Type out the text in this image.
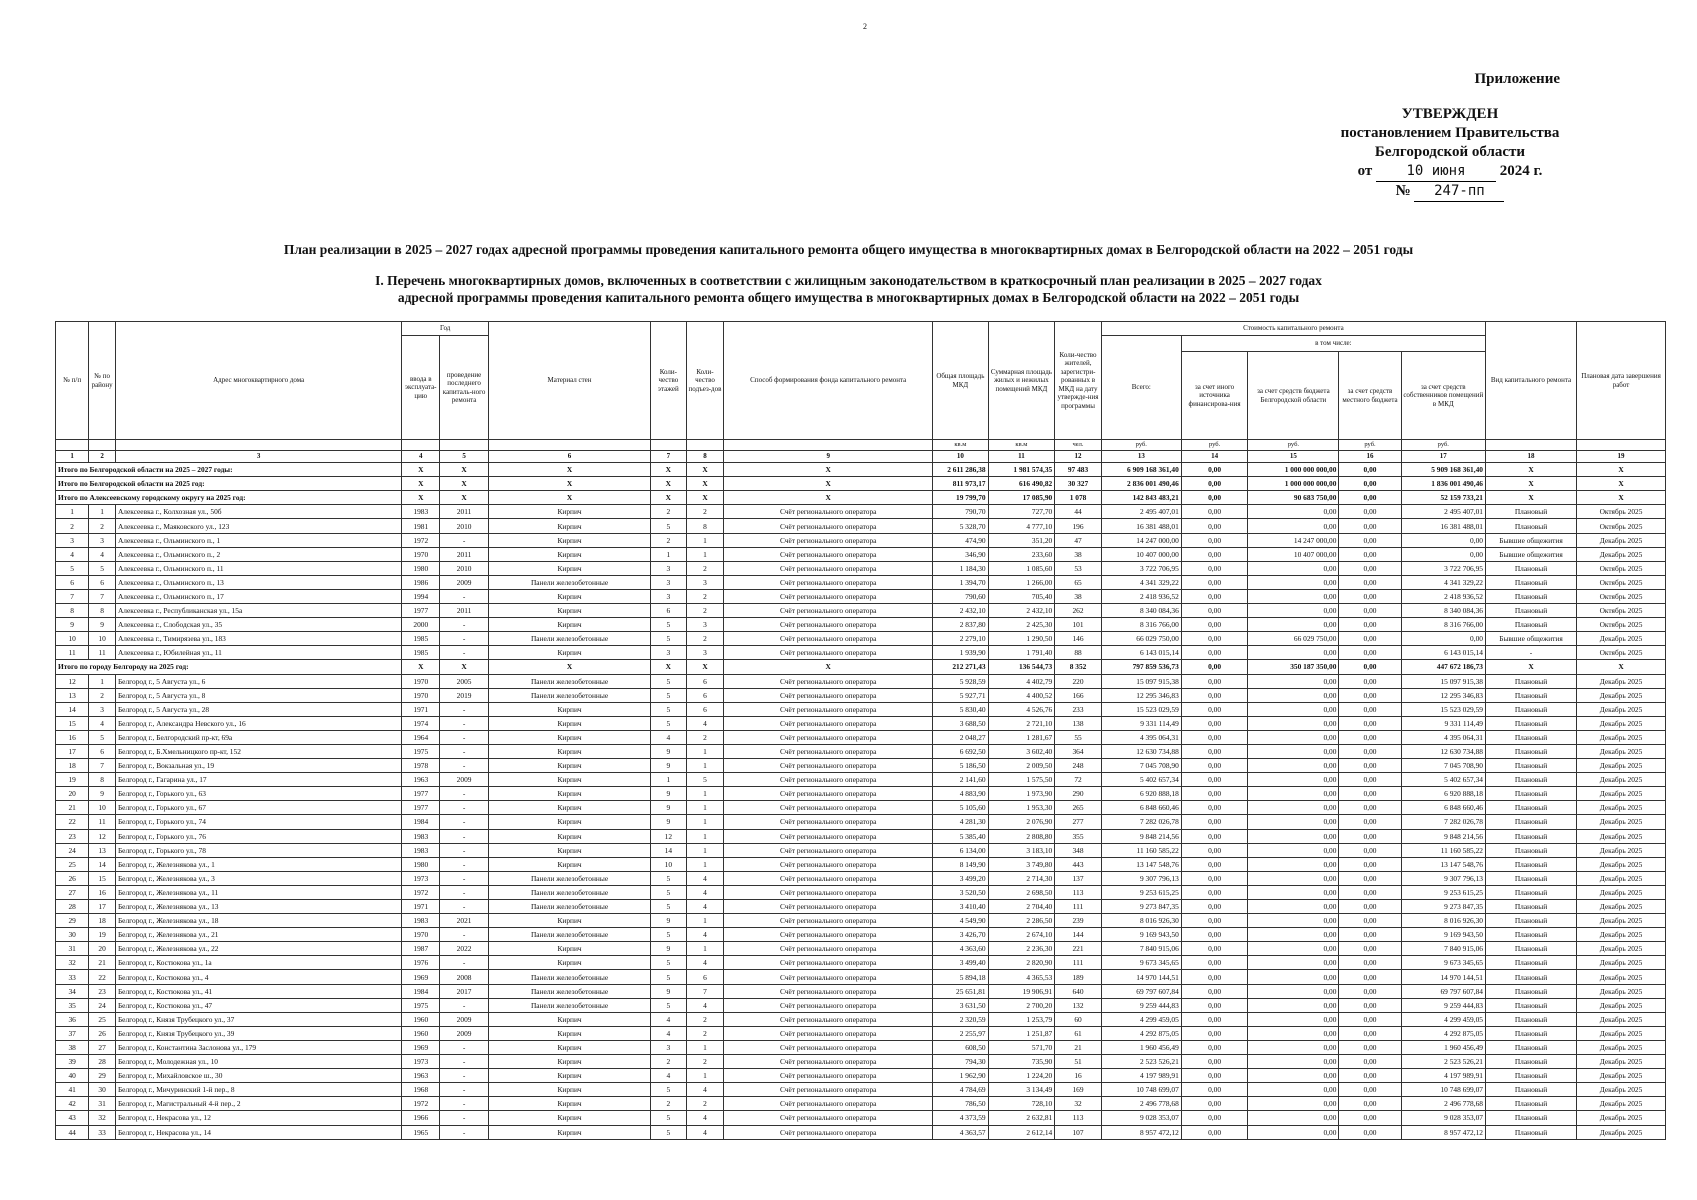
2
Приложение
УТВЕРЖДЕН
постановлением Правительства
Белгородской области
от 10 июня 2024 г.
№ 247-пп
План реализации в 2025 – 2027 годах адресной программы проведения капитального ремонта общего имущества в многоквартирных домах в Белгородской области на 2022 – 2051 годы
I. Перечень многоквартирных домов, включенных в соответствии с жилищным законодательством в краткосрочный план реализации в 2025 – 2027 годах
адресной программы проведения капитального ремонта общего имущества в многоквартирных домах в Белгородской области на 2022 – 2051 годы
№ п/п	№ по району	Адрес многоквартирного дома	Год		Материал стен	Коли-чество этажей	Коли-чество подъез-дов	Способ формирования фонда капитального ремонта	Общая площадь МКД	Суммарная площадь жилых и нежилых помещений МКД	Коли-чество жителей, зарегистри-рованных в МКД на дату утвержде-ния программы	Стоимость капитального ремонта					Вид капитального ремонта	Плановая дата завершения работ
			ввода в эксплуата-цию	проведение последнего капиталь-ного ремонта								Всего:	в том числе:					
													за счет иного источника финансирова-ния	за счет средств бюджета Белгородской области	за счет средств местного бюджета	за счет средств собственников помещений в МКД		
									кв.м	кв.м	чел.	руб.	руб.	руб.	руб.	руб.		
1	2	3	4	5	6	7	8	9	10	11	12	13	14	15	16	17	18	19
Итого по Белгородской области на 2025 – 2027 годы:			X	X	X	X	X	X	2 611 286,38	1 981 574,35	97 483	6 909 168 361,40	0,00	1 000 000 000,00	0,00	5 909 168 361,40	X	X
Итого по Белгородской области на 2025 год:			X	X	X	X	X	X	811 973,17	616 490,82	30 327	2 836 001 490,46	0,00	1 000 000 000,00	0,00	1 836 001 490,46	X	X
Итого по Алексеевскому городскому округу на 2025 год:			X	X	X	X	X	X	19 799,70	17 085,90	1 078	142 843 483,21	0,00	90 683 750,00	0,00	52 159 733,21	X	X
1	1	Алексеевка г., Колхозная ул., 50б	1983	2011	Кирпич	2	2	Счёт регионального оператора	790,70	727,70	44	2 495 407,01	0,00	0,00	0,00	2 495 407,01	Плановый	Октябрь 2025
2	2	Алексеевка г., Маяковского ул., 123	1981	2010	Кирпич	5	8	Счёт регионального оператора	5 328,70	4 777,10	196	16 381 488,01	0,00	0,00	0,00	16 381 488,01	Плановый	Октябрь 2025
3	3	Алексеевка г., Ольминского п., 1	1972	-	Кирпич	2	1	Счёт регионального оператора	474,90	351,20	47	14 247 000,00	0,00	14 247 000,00	0,00	0,00	Бывшие общежития	Декабрь 2025
4	4	Алексеевка г., Ольминского п., 2	1970	2011	Кирпич	1	1	Счёт регионального оператора	346,90	233,60	38	10 407 000,00	0,00	10 407 000,00	0,00	0,00	Бывшие общежития	Декабрь 2025
5	5	Алексеевка г., Ольминского п., 11	1980	2010	Кирпич	3	2	Счёт регионального оператора	1 184,30	1 085,60	53	3 722 706,95	0,00	0,00	0,00	3 722 706,95	Плановый	Октябрь 2025
6	6	Алексеевка г., Ольминского п., 13	1986	2009	Панели железобетонные	3	3	Счёт регионального оператора	1 394,70	1 266,00	65	4 341 329,22	0,00	0,00	0,00	4 341 329,22	Плановый	Октябрь 2025
7	7	Алексеевка г., Ольминского п., 17	1994	-	Кирпич	3	2	Счёт регионального оператора	790,60	705,40	38	2 418 936,52	0,00	0,00	0,00	2 418 936,52	Плановый	Октябрь 2025
8	8	Алексеевка г., Республиканская ул., 15а	1977	2011	Кирпич	6	2	Счёт регионального оператора	2 432,10	2 432,10	262	8 340 084,36	0,00	0,00	0,00	8 340 084,36	Плановый	Октябрь 2025
9	9	Алексеевка г., Слободская ул., 35	2000	-	Кирпич	5	3	Счёт регионального оператора	2 837,80	2 425,30	101	8 316 766,00	0,00	0,00	0,00	8 316 766,00	Плановый	Октябрь 2025
10	10	Алексеевка г., Тимирязева ул., 183	1985	-	Панели железобетонные	5	2	Счёт регионального оператора	2 279,10	1 290,50	146	66 029 750,00	0,00	66 029 750,00	0,00	0,00	Бывшие общежития	Декабрь 2025
11	11	Алексеевка г., Юбилейная ул., 11	1985	-	Кирпич	3	3	Счёт регионального оператора	1 939,90	1 791,40	88	6 143 015,14	0,00	0,00	0,00	6 143 015,14	-	Октябрь 2025
Итого по городу Белгороду на 2025 год:			X	X	X	X	X	X	212 271,43	136 544,73	8 352	797 859 536,73	0,00	350 187 350,00	0,00	447 672 186,73	X	X
12	1	Белгород г., 5 Августа ул., 6	1970	2005	Панели железобетонные	5	6	Счёт регионального оператора	5 928,59	4 402,79	220	15 097 915,38	0,00	0,00	0,00	15 097 915,38	Плановый	Декабрь 2025
13	2	Белгород г., 5 Августа ул., 8	1970	2019	Панели железобетонные	5	6	Счёт регионального оператора	5 927,71	4 400,52	166	12 295 346,83	0,00	0,00	0,00	12 295 346,83	Плановый	Декабрь 2025
14	3	Белгород г., 5 Августа ул., 28	1971	-	Кирпич	5	6	Счёт регионального оператора	5 830,40	4 526,76	233	15 523 029,59	0,00	0,00	0,00	15 523 029,59	Плановый	Декабрь 2025
15	4	Белгород г., Александра Невского ул., 16	1974	-	Кирпич	5	4	Счёт регионального оператора	3 688,50	2 721,10	138	9 331 114,49	0,00	0,00	0,00	9 331 114,49	Плановый	Декабрь 2025
16	5	Белгород г., Белгородский пр-кт, 69а	1964	-	Кирпич	4	2	Счёт регионального оператора	2 048,27	1 281,67	55	4 395 064,31	0,00	0,00	0,00	4 395 064,31	Плановый	Декабрь 2025
17	6	Белгород г., Б.Хмельницкого пр-кт, 152	1975	-	Кирпич	9	1	Счёт регионального оператора	6 692,50	3 602,40	364	12 630 734,88	0,00	0,00	0,00	12 630 734,88	Плановый	Декабрь 2025
18	7	Белгород г., Вокзальная ул., 19	1978	-	Кирпич	9	1	Счёт регионального оператора	5 186,50	2 009,50	248	7 045 708,90	0,00	0,00	0,00	7 045 708,90	Плановый	Декабрь 2025
19	8	Белгород г., Гагарина ул., 17	1963	2009	Кирпич	1	5	Счёт регионального оператора	2 141,60	1 575,50	72	5 402 657,34	0,00	0,00	0,00	5 402 657,34	Плановый	Декабрь 2025
20	9	Белгород г., Горького ул., 63	1977	-	Кирпич	9	1	Счёт регионального оператора	4 883,90	1 973,90	290	6 920 888,18	0,00	0,00	0,00	6 920 888,18	Плановый	Декабрь 2025
21	10	Белгород г., Горького ул., 67	1977	-	Кирпич	9	1	Счёт регионального оператора	5 105,60	1 953,30	265	6 848 660,46	0,00	0,00	0,00	6 848 660,46	Плановый	Декабрь 2025
22	11	Белгород г., Горького ул., 74	1984	-	Кирпич	9	1	Счёт регионального оператора	4 281,30	2 076,90	277	7 282 026,78	0,00	0,00	0,00	7 282 026,78	Плановый	Декабрь 2025
23	12	Белгород г., Горького ул., 76	1983	-	Кирпич	12	1	Счёт регионального оператора	5 385,40	2 808,80	355	9 848 214,56	0,00	0,00	0,00	9 848 214,56	Плановый	Декабрь 2025
24	13	Белгород г., Горького ул., 78	1983	-	Кирпич	14	1	Счёт регионального оператора	6 134,00	3 183,10	348	11 160 585,22	0,00	0,00	0,00	11 160 585,22	Плановый	Декабрь 2025
25	14	Белгород г., Железнякова ул., 1	1980	-	Кирпич	10	1	Счёт регионального оператора	8 149,90	3 749,80	443	13 147 548,76	0,00	0,00	0,00	13 147 548,76	Плановый	Декабрь 2025
26	15	Белгород г., Железнякова ул., 3	1973	-	Панели железобетонные	5	4	Счёт регионального оператора	3 499,20	2 714,30	137	9 307 796,13	0,00	0,00	0,00	9 307 796,13	Плановый	Декабрь 2025
27	16	Белгород г., Железнякова ул., 11	1972	-	Панели железобетонные	5	4	Счёт регионального оператора	3 520,50	2 698,50	113	9 253 615,25	0,00	0,00	0,00	9 253 615,25	Плановый	Декабрь 2025
28	17	Белгород г., Железнякова ул., 13	1971	-	Панели железобетонные	5	4	Счёт регионального оператора	3 410,40	2 704,40	111	9 273 847,35	0,00	0,00	0,00	9 273 847,35	Плановый	Декабрь 2025
29	18	Белгород г., Железнякова ул., 18	1983	2021	Кирпич	9	1	Счёт регионального оператора	4 549,90	2 286,50	239	8 016 926,30	0,00	0,00	0,00	8 016 926,30	Плановый	Декабрь 2025
30	19	Белгород г., Железнякова ул., 21	1970	-	Панели железобетонные	5	4	Счёт регионального оператора	3 426,70	2 674,10	144	9 169 943,50	0,00	0,00	0,00	9 169 943,50	Плановый	Декабрь 2025
31	20	Белгород г., Железнякова ул., 22	1987	2022	Кирпич	9	1	Счёт регионального оператора	4 363,60	2 236,30	221	7 840 915,06	0,00	0,00	0,00	7 840 915,06	Плановый	Декабрь 2025
32	21	Белгород г., Костюкова ул., 1а	1976	-	Кирпич	5	4	Счёт регионального оператора	3 499,40	2 820,90	111	9 673 345,65	0,00	0,00	0,00	9 673 345,65	Плановый	Декабрь 2025
33	22	Белгород г., Костюкова ул., 4	1969	2008	Панели железобетонные	5	6	Счёт регионального оператора	5 894,18	4 365,53	189	14 970 144,51	0,00	0,00	0,00	14 970 144,51	Плановый	Декабрь 2025
34	23	Белгород г., Костюкова ул., 41	1984	2017	Панели железобетонные	9	7	Счёт регионального оператора	25 651,81	19 906,91	640	69 797 607,84	0,00	0,00	0,00	69 797 607,84	Плановый	Декабрь 2025
35	24	Белгород г., Костюкова ул., 47	1975	-	Панели железобетонные	5	4	Счёт регионального оператора	3 631,50	2 700,20	132	9 259 444,83	0,00	0,00	0,00	9 259 444,83	Плановый	Декабрь 2025
36	25	Белгород г., Князя Трубецкого ул., 37	1960	2009	Кирпич	4	2	Счёт регионального оператора	2 320,59	1 253,79	60	4 299 459,05	0,00	0,00	0,00	4 299 459,05	Плановый	Декабрь 2025
37	26	Белгород г., Князя Трубецкого ул., 39	1960	2009	Кирпич	4	2	Счёт регионального оператора	2 255,97	1 251,87	61	4 292 875,05	0,00	0,00	0,00	4 292 875,05	Плановый	Декабрь 2025
38	27	Белгород г., Константина Заслонова ул., 179	1969	-	Кирпич	3	1	Счёт регионального оператора	608,50	571,70	21	1 960 456,49	0,00	0,00	0,00	1 960 456,49	Плановый	Декабрь 2025
39	28	Белгород г., Молодежная ул., 10	1973	-	Кирпич	2	2	Счёт регионального оператора	794,30	735,90	51	2 523 526,21	0,00	0,00	0,00	2 523 526,21	Плановый	Декабрь 2025
40	29	Белгород г., Михайловское ш., 30	1963	-	Кирпич	4	1	Счёт регионального оператора	1 962,90	1 224,20	16	4 197 989,91	0,00	0,00	0,00	4 197 989,91	Плановый	Декабрь 2025
41	30	Белгород г., Мичуринский 1-й пер., 8	1968	-	Кирпич	5	4	Счёт регионального оператора	4 784,69	3 134,49	169	10 748 699,07	0,00	0,00	0,00	10 748 699,07	Плановый	Декабрь 2025
42	31	Белгород г., Магистральный 4-й пер., 2	1972	-	Кирпич	2	2	Счёт регионального оператора	786,50	728,10	32	2 496 778,68	0,00	0,00	0,00	2 496 778,68	Плановый	Декабрь 2025
43	32	Белгород г., Некрасова ул., 12	1966	-	Кирпич	5	4	Счёт регионального оператора	4 373,59	2 632,81	113	9 028 353,07	0,00	0,00	0,00	9 028 353,07	Плановый	Декабрь 2025
44	33	Белгород г., Некрасова ул., 14	1965	-	Кирпич	5	4	Счёт регионального оператора	4 363,57	2 612,14	107	8 957 472,12	0,00	0,00	0,00	8 957 472,12	Плановый	Декабрь 2025
